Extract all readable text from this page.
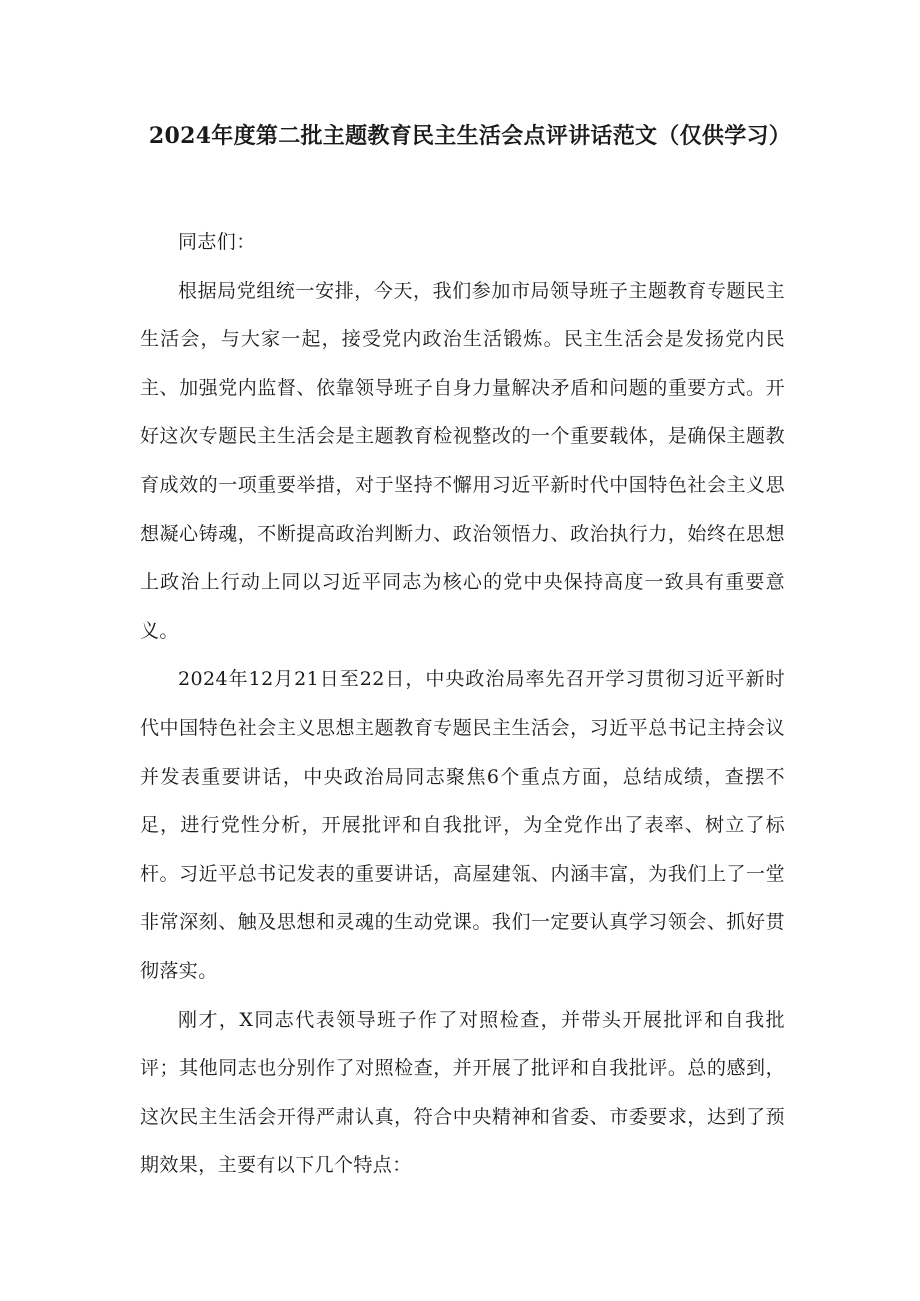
2024年度第二批主题教育民主生活会点评讲话范文（仅供学习）

同志们：

根据局党组统一安排，今天，我们参加市局领导班子主题教育专题民主生活会，与大家一起，接受党内政治生活锻炼。民主生活会是发扬党内民主、加强党内监督、依靠领导班子自身力量解决矛盾和问题的重要方式。开好这次专题民主生活会是主题教育检视整改的一个重要载体，是确保主题教育成效的一项重要举措，对于坚持不懈用习近平新时代中国特色社会主义思想凝心铸魂，不断提高政治判断力、政治领悟力、政治执行力，始终在思想上政治上行动上同以习近平同志为核心的党中央保持高度一致具有重要意义。

2024年12月21日至22日，中央政治局率先召开学习贯彻习近平新时代中国特色社会主义思想主题教育专题民主生活会，习近平总书记主持会议并发表重要讲话，中央政治局同志聚焦6个重点方面，总结成绩，查摆不足，进行党性分析，开展批评和自我批评，为全党作出了表率、树立了标杆。习近平总书记发表的重要讲话，高屋建瓴、内涵丰富，为我们上了一堂非常深刻、触及思想和灵魂的生动党课。我们一定要认真学习领会、抓好贯彻落实。

刚才，X同志代表领导班子作了对照检查，并带头开展批评和自我批评；其他同志也分别作了对照检查，并开展了批评和自我批评。总的感到，这次民主生活会开得严肃认真，符合中央精神和省委、市委要求，达到了预期效果，主要有以下几个特点：
